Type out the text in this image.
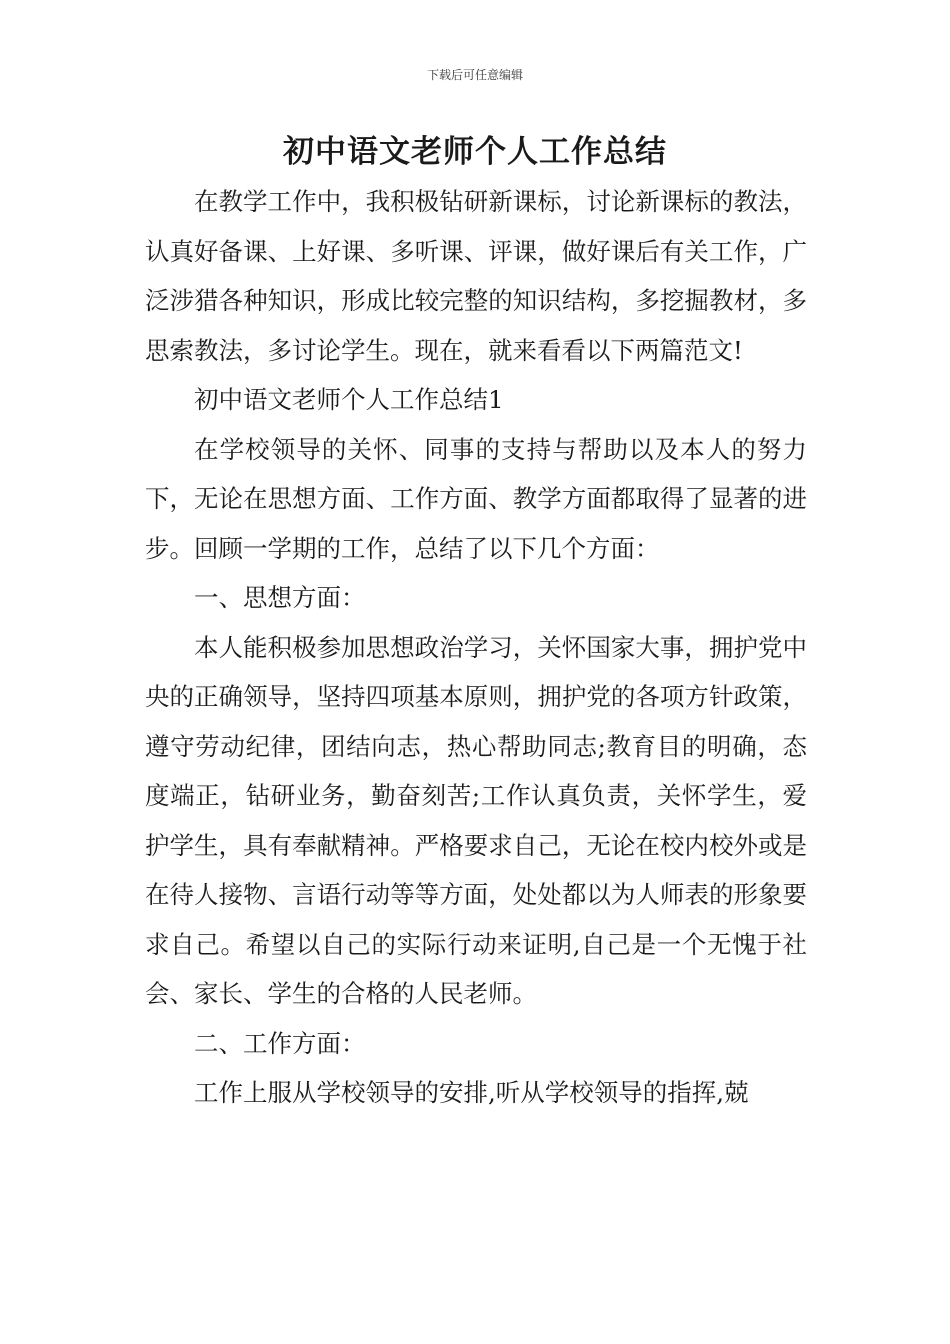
下载后可任意编辑
初中语文老师个人工作总结

在教学工作中，我积极钻研新课标，讨论新课标的教法，认真好备课、上好课、多听课、评课，做好课后有关工作，广泛涉猎各种知识，形成比较完整的知识结构，多挖掘教材，多思索教法，多讨论学生。现在，就来看看以下两篇范文!

初中语文老师个人工作总结1

在学校领导的关怀、同事的支持与帮助以及本人的努力下，无论在思想方面、工作方面、教学方面都取得了显著的进步。回顾一学期的工作，总结了以下几个方面：

一、思想方面：

本人能积极参加思想政治学习，关怀国家大事，拥护党中央的正确领导，坚持四项基本原则，拥护党的各项方针政策，遵守劳动纪律，团结向志，热心帮助同志;教育目的明确，态度端正，钻研业务，勤奋刻苦;工作认真负责，关怀学生，爱护学生，具有奉献精神。严格要求自己，无论在校内校外或是在待人接物、言语行动等等方面，处处都以为人师表的形象要求自己。希望以自己的实际行动来证明,自己是一个无愧于社会、家长、学生的合格的人民老师。

二、工作方面：

工作上服从学校领导的安排,听从学校领导的指挥,兢
